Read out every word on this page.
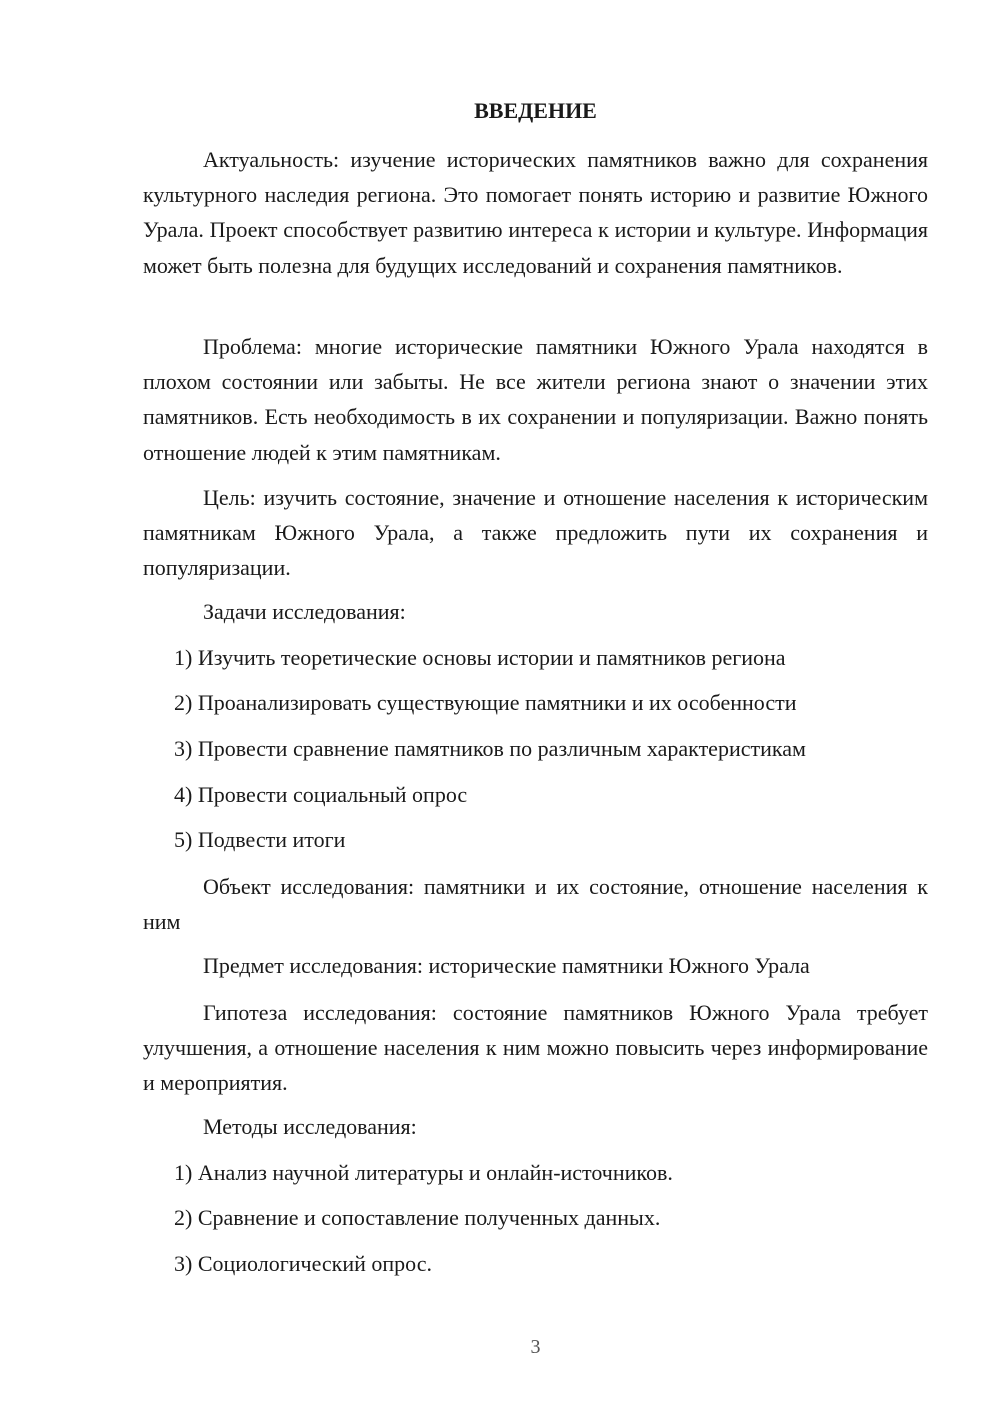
ВВЕДЕНИЕ

Актуальность: изучение исторических памятников важно для сохранения культурного наследия региона. Это помогает понять историю и развитие Южного Урала. Проект способствует развитию интереса к истории и культуре. Информация может быть полезна для будущих исследований и сохранения памятников.

Проблема: многие исторические памятники Южного Урала находятся в плохом состоянии или забыты. Не все жители региона знают о значении этих памятников. Есть необходимость в их сохранении и популяризации. Важно понять отношение людей к этим памятникам.

Цель: изучить состояние, значение и отношение населения к историческим памятникам Южного Урала, а также предложить пути их сохранения и популяризации.

Задачи исследования:

1) Изучить теоретические основы истории и памятников региона

2) Проанализировать существующие памятники и их особенности

3) Провести сравнение памятников по различным характеристикам

4) Провести социальный опрос

5) Подвести итоги

Объект исследования: памятники и их состояние, отношение населения к ним

Предмет исследования: исторические памятники Южного Урала

Гипотеза исследования: состояние памятников Южного Урала требует улучшения, а отношение населения к ним можно повысить через информирование и мероприятия.

Методы исследования:

1) Анализ научной литературы и онлайн-источников.

2) Сравнение и сопоставление полученных данных.

3) Социологический опрос.

3
